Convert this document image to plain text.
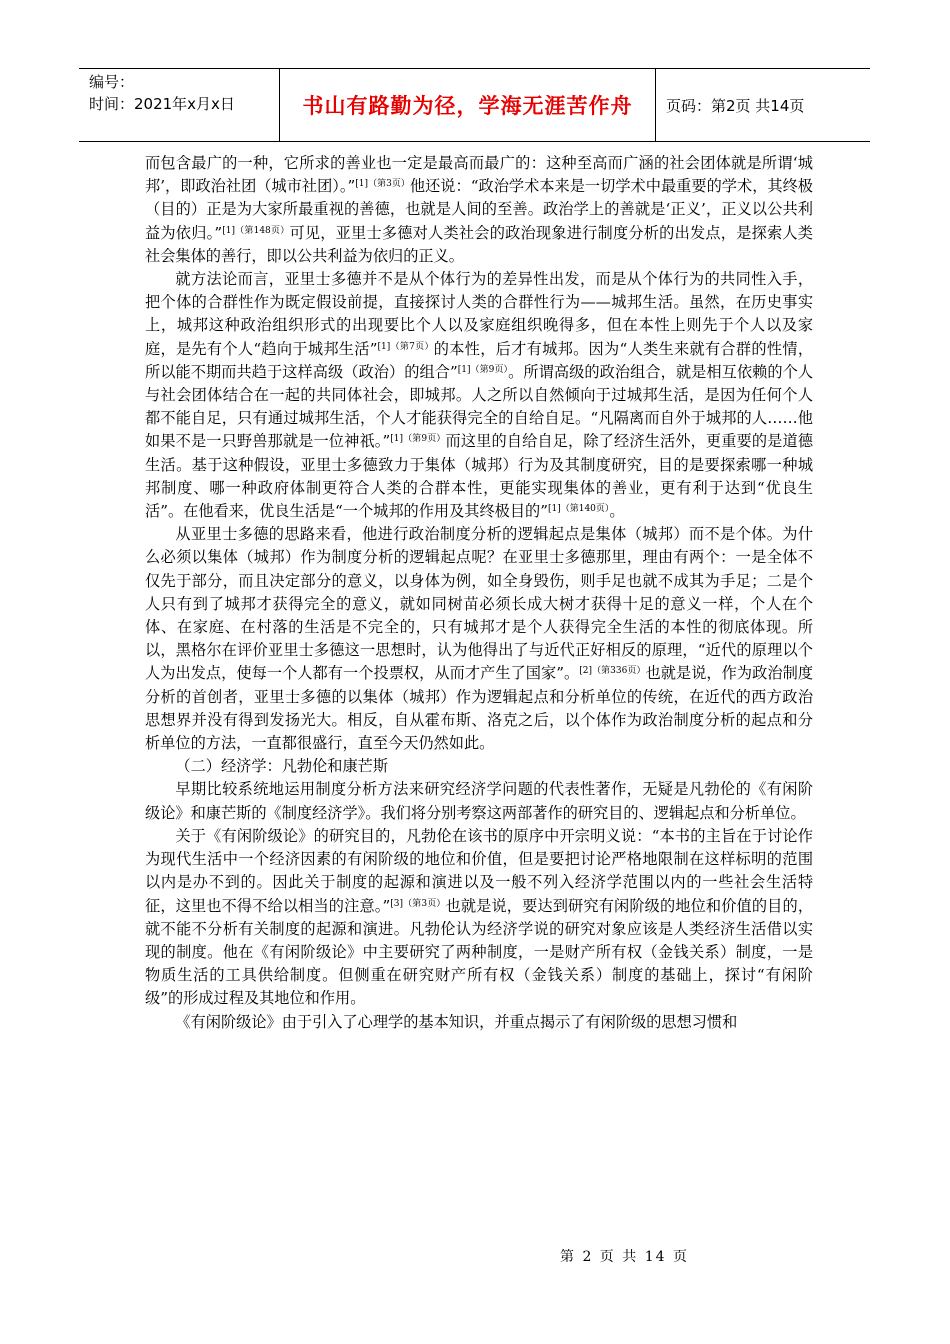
编号：
时间：2021年x月x日	书山有路勤为径，学海无涯苦作舟 页码：第2页 共14页

而包含最广的一种，它所求的善业也一定是最高而最广的：这种至高而广涵的社会团体就是所谓‘城邦’，即政治社团（城市社团）。”$^{[1](第3页)}$他还说：“政治学术本来是一切学术中最重要的学术，其终极（目的）正是为大家所最重视的善德，也就是人间的至善。政治学上的善就是‘正义’，正义以公共利益为依归。”$^{[1](第148页)}$可见，亚里士多德对人类社会的政治现象进行制度分析的出发点，是探索人类社会集体的善行，即以公共利益为依归的正义。

就方法论而言，亚里士多德并不是从个体行为的差异性出发，而是从个体行为的共同性入手，把个体的合群性作为既定假设前提，直接探讨人类的合群性行为——城邦生活。虽然，在历史事实上，城邦这种政治组织形式的出现要比个人以及家庭组织晚得多，但在本性上则先于个人以及家庭，是先有个人“趋向于城邦生活”$^{[1](第7页)}$的本性，后才有城邦。因为“人类生来就有合群的性情，所以能不期而共趋于这样高级（政治）的组合”$^{[1](第9页)}$。所谓高级的政治组合，就是相互依赖的个人与社会团体结合在一起的共同体社会，即城邦。人之所以自然倾向于过城邦生活，是因为任何个人都不能自足，只有通过城邦生活，个人才能获得完全的自给自足。“凡隔离而自外于城邦的人……他如果不是一只野兽那就是一位神祇。”$^{[1](第9页)}$而这里的自给自足，除了经济生活外，更重要的是道德生活。基于这种假设，亚里士多德致力于集体（城邦）行为及其制度研究，目的是要探索哪一种城邦制度、哪一种政府体制更符合人类的合群本性，更能实现集体的善业，更有利于达到“优良生活”。在他看来，优良生活是“一个城邦的作用及其终极目的”$^{[1](第140页)}$。

从亚里士多德的思路来看，他进行政治制度分析的逻辑起点是集体（城邦）而不是个体。为什么必须以集体（城邦）作为制度分析的逻辑起点呢？在亚里士多德那里，理由有两个：一是全体不仅先于部分，而且决定部分的意义，以身体为例，如全身毁伤，则手足也就不成其为手足；二是个人只有到了城邦才获得完全的意义，就如同树苗必须长成大树才获得十足的意义一样，个人在个体、在家庭、在村落的生活是不完全的，只有城邦才是个人获得完全生活的本性的彻底体现。所以，黑格尔在评价亚里士多德这一思想时，认为他得出了与近代正好相反的原理，“近代的原理以个人为出发点，使每一个人都有一个投票权，从而才产生了国家”。$^{[2](第336页)}$也就是说，作为政治制度分析的首创者，亚里士多德的以集体（城邦）作为逻辑起点和分析单位的传统，在近代的西方政治思想界并没有得到发扬光大。相反，自从霍布斯、洛克之后，以个体作为政治制度分析的起点和分析单位的方法，一直都很盛行，直至今天仍然如此。

（二）经济学：凡勃伦和康芒斯

早期比较系统地运用制度分析方法来研究经济学问题的代表性著作，无疑是凡勃伦的《有闲阶级论》和康芒斯的《制度经济学》。我们将分别考察这两部著作的研究目的、逻辑起点和分析单位。

关于《有闲阶级论》的研究目的，凡勃伦在该书的原序中开宗明义说：“本书的主旨在于讨论作为现代生活中一个经济因素的有闲阶级的地位和价值，但是要把讨论严格地限制在这样标明的范围以内是办不到的。因此关于制度的起源和演进以及一般不列入经济学范围以内的一些社会生活特征，这里也不得不给以相当的注意。”$^{[3](第3页)}$也就是说，要达到研究有闲阶级的地位和价值的目的，就不能不分析有关制度的起源和演进。凡勃伦认为经济学说的研究对象应该是人类经济生活借以实现的制度。他在《有闲阶级论》中主要研究了两种制度，一是财产所有权（金钱关系）制度，一是物质生活的工具供给制度。但侧重在研究财产所有权（金钱关系）制度的基础上，探讨“有闲阶级”的形成过程及其地位和作用。

《有闲阶级论》由于引入了心理学的基本知识，并重点揭示了有闲阶级的思想习惯和

第 2 页 共 14 页
